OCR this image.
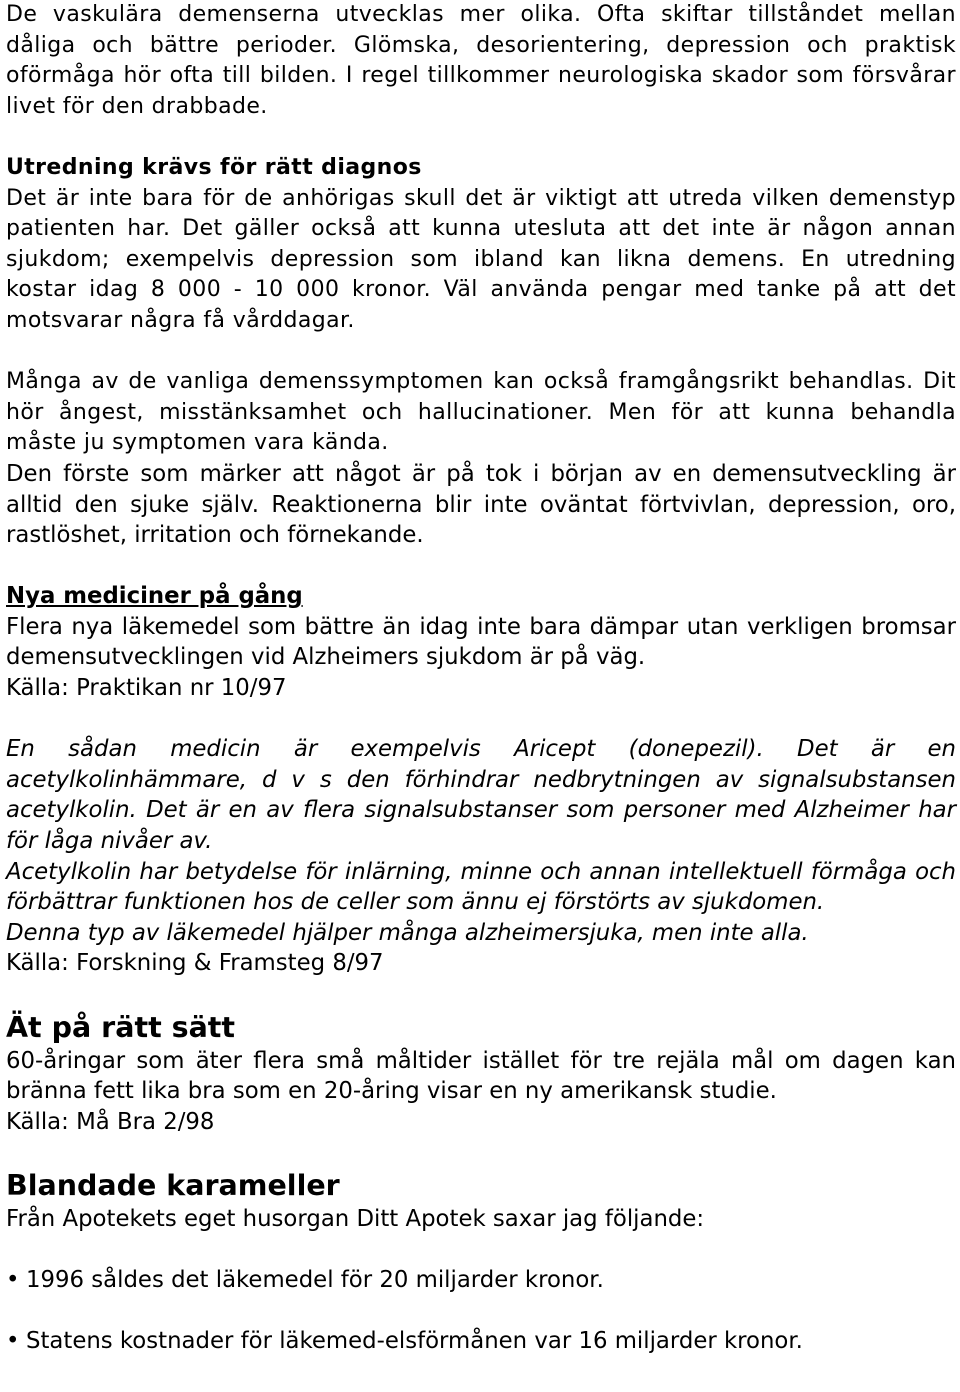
De vaskulära demenserna utvecklas mer olika. Ofta skiftar tillståndet mellan dåliga och bättre perioder. Glömska, desorientering, depression och praktisk oförmåga hör ofta till bilden. I regel tillkommer neurologiska skador som försvårar livet för den drabbade.

Utredning krävs för rätt diagnos

Det är inte bara för de anhörigas skull det är viktigt att utreda vilken demenstyp patienten har. Det gäller också att kunna utesluta att det inte är någon annan sjukdom; exempelvis depression som ibland kan likna demens. En utredning kostar idag 8 000 - 10 000 kronor. Väl använda pengar med tanke på att det motsvarar några få vårddagar.

Många av de vanliga demenssymptomen kan också framgångsrikt behandlas. Dit hör ångest, misstänksamhet och hallucinationer. Men för att kunna behandla måste ju symptomen vara kända.

Den förste som märker att något är på tok i början av en demensutveckling är alltid den sjuke själv. Reaktionerna blir inte oväntat förtvivlan, depression, oro, rastlöshet, irritation och förnekande.

Nya mediciner på gång

Flera nya läkemedel som bättre än idag inte bara dämpar utan verkligen bromsar demensutvecklingen vid Alzheimers sjukdom är på väg.

Källa: Praktikan nr 10/97

En sådan medicin är exempelvis Aricept (donepezil). Det är en acetylkolinhämmare, d v s den förhindrar nedbrytningen av signalsubstansen acetylkolin. Det är en av flera signalsubstanser som personer med Alzheimer har för låga nivåer av.

Acetylkolin har betydelse för inlärning, minne och annan intellektuell förmåga och förbättrar funktionen hos de celler som ännu ej förstörts av sjukdomen.

Denna typ av läkemedel hjälper många alzheimersjuka, men inte alla.

Källa: Forskning & Framsteg 8/97

Ät på rätt sätt

60-åringar som äter flera små måltider istället för tre rejäla mål om dagen kan bränna fett lika bra som en 20-åring visar en ny amerikansk studie.

Källa: Må Bra 2/98

Blandade karameller

Från Apotekets eget husorgan Ditt Apotek saxar jag följande:

• 1996 såldes det läkemedel för 20 miljarder kronor.
• Statens kostnader för läkemed-elsförmånen var 16 miljarder kronor.
